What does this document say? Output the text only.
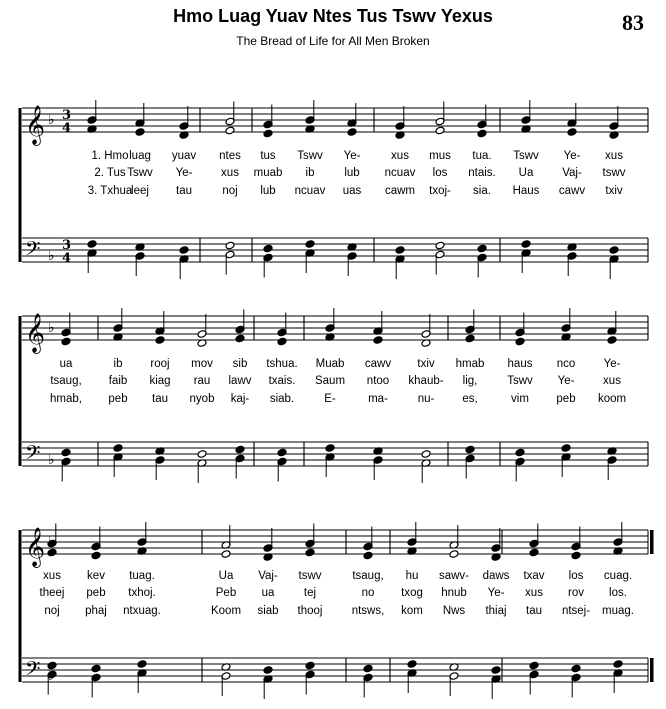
Hmo Luag Yuav Ntes Tus Tswv Yexus
The Bread of Life for All Men Broken
83
𝄞 ♭ 3
4
𝄢 ♭
3
4
𝄞 ♭
𝄢 ♭
𝄞
𝄢
1. Hmo luag yuav ntes tus Tswv Ye-	xus mus tua. Tswv Ye- xus
2. Tus Tswv Ye- xus muab ib	lub ncuav los ntais. Ua	Vaj- tswv
3. Txhua
leej tau	noj lub ncuav uas cawm txoj- sia. Haus cawv txiv
ua	ib rooj mov sib tshua. Muab cawv txiv hmab haus nco Ye-
tsaug, faib kiag rau lawv txais. Saum ntoo khaub- lig,	Tswv Ye- xus
hmab, peb tau nyob kaj- siab.	E-	ma-	nu- es,	vim peb koom
xus kev tuag.	Ua Vaj- tswv	tsaug, hu sawv- daws txav los cuag.
theej peb txhoj.	Peb ua	tej	no txog hnub Ye- xus rov los.
noj phaj ntxuag.	Koom siab thooj	ntsws, kom Nws thiaj tau ntsej- muag.
